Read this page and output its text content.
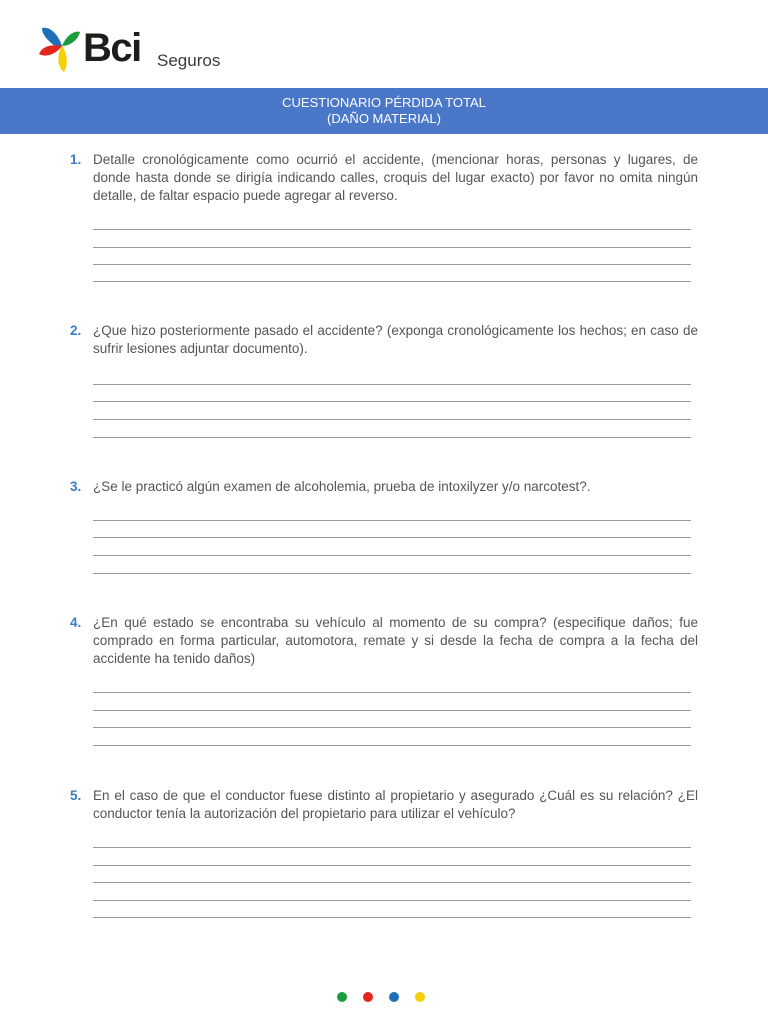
Bci Seguros
CUESTIONARIO PÉRDIDA TOTAL
(DAÑO MATERIAL)
1. Detalle cronológicamente como ocurrió el accidente, (mencionar horas, personas y lugares, de donde hasta donde se dirigía indicando calles, croquis del lugar exacto) por favor no omita ningún detalle, de faltar espacio puede agregar al reverso.
2. ¿Que hizo posteriormente pasado el accidente? (exponga cronológicamente los hechos; en caso de sufrir lesiones adjuntar documento).
3. ¿Se le practicó algún examen de alcoholemia, prueba de intoxilyzer y/o narcotest?.
4. ¿En qué estado se encontraba su vehículo al momento de su compra? (especifique daños; fue comprado en forma particular, automotora, remate y si desde la fecha de compra a la fecha del accidente ha tenido daños)
5. En el caso de que el conductor fuese distinto al propietario y asegurado ¿Cuál es su relación? ¿El conductor tenía la autorización del propietario para utilizar el vehículo?
